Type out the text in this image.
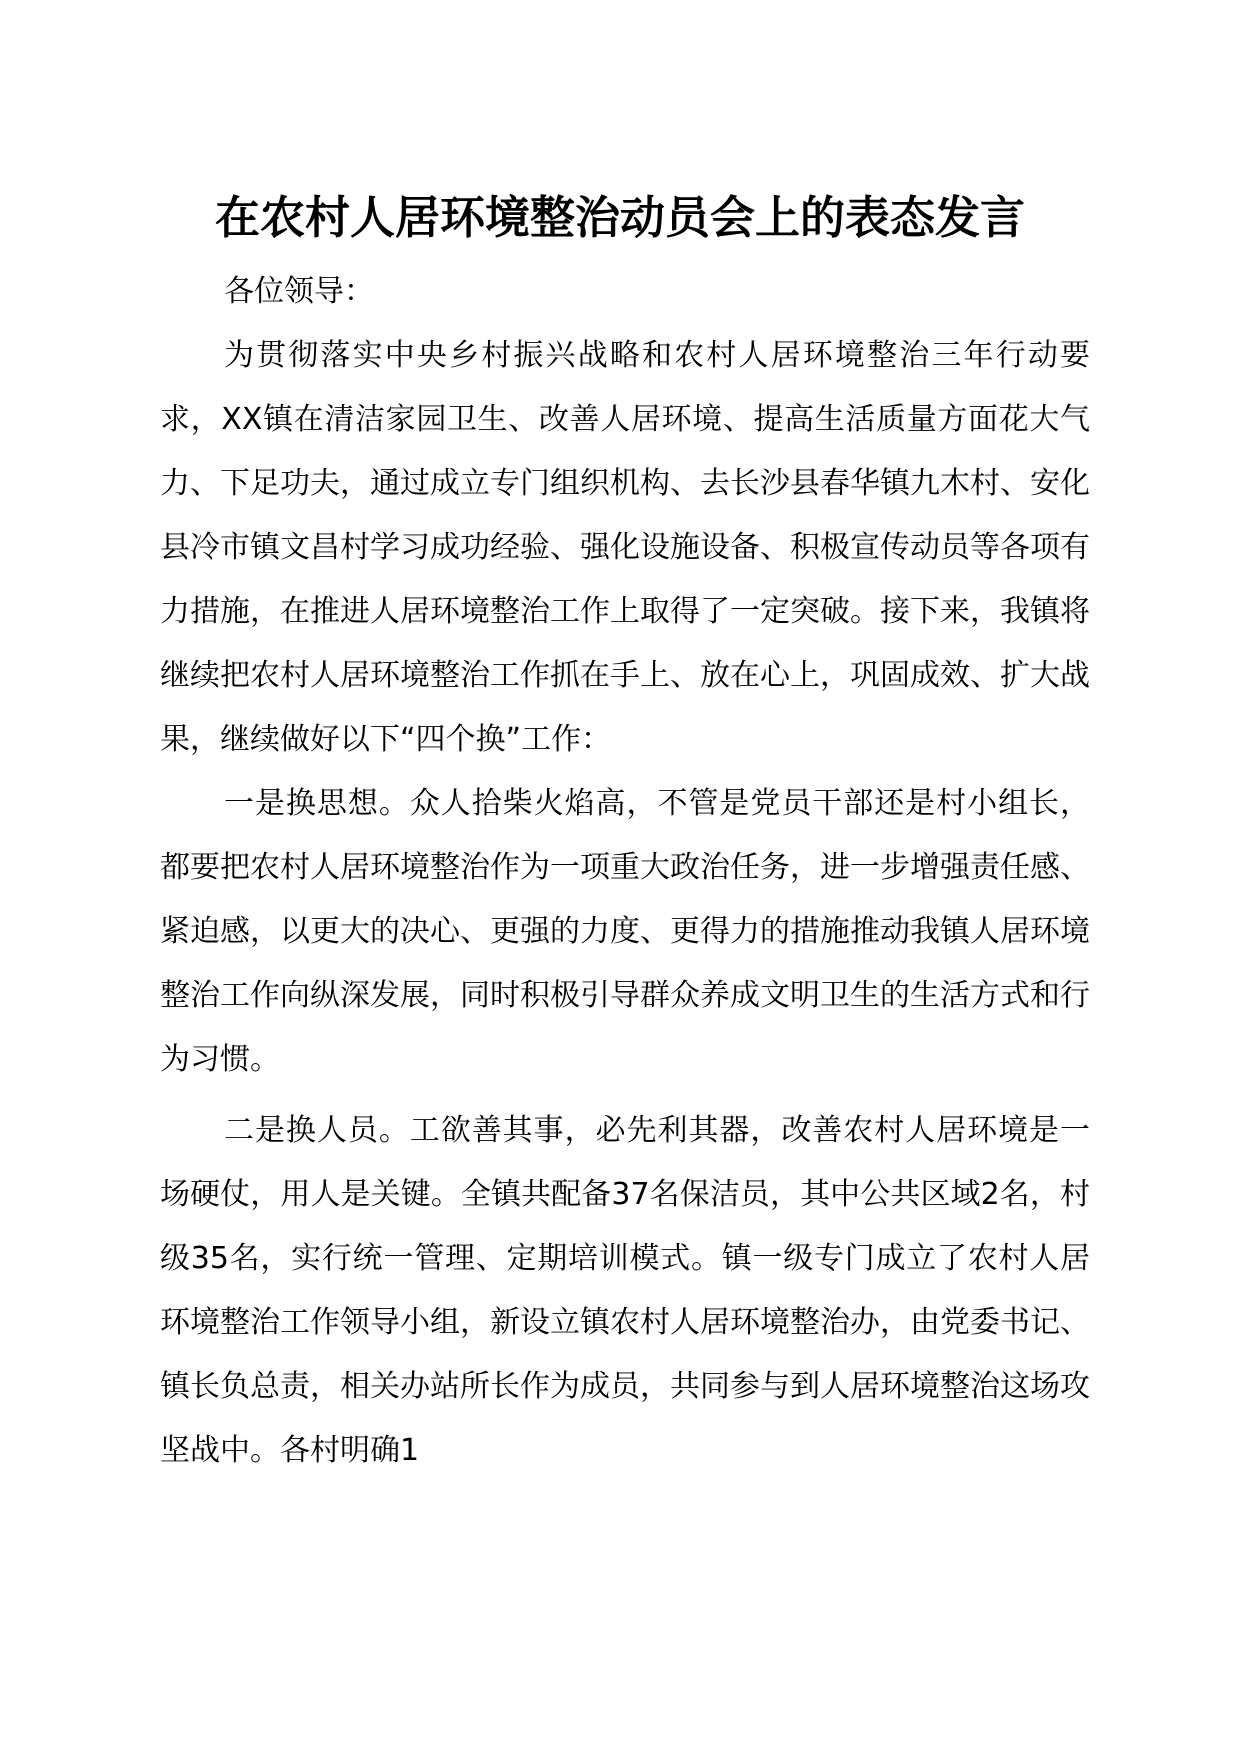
在农村人居环境整治动员会上的表态发言

各位领导：

为贯彻落实中央乡村振兴战略和农村人居环境整治三年行动要求，XX镇在清洁家园卫生、改善人居环境、提高生活质量方面花大气力、下足功夫，通过成立专门组织机构、去长沙县春华镇九木村、安化县冷市镇文昌村学习成功经验、强化设施设备、积极宣传动员等各项有力措施，在推进人居环境整治工作上取得了一定突破。接下来，我镇将继续把农村人居环境整治工作抓在手上、放在心上，巩固成效、扩大战果，继续做好以下“四个换”工作：

一是换思想。众人拾柴火焰高，不管是党员干部还是村小组长，都要把农村人居环境整治作为一项重大政治任务，进一步增强责任感、紧迫感，以更大的决心、更强的力度、更得力的措施推动我镇人居环境整治工作向纵深发展，同时积极引导群众养成文明卫生的生活方式和行为习惯。

二是换人员。工欲善其事，必先利其器，改善农村人居环境是一场硬仗，用人是关键。全镇共配备37名保洁员，其中公共区域2名，村级35名，实行统一管理、定期培训模式。镇一级专门成立了农村人居环境整治工作领导小组，新设立镇农村人居环境整治办，由党委书记、镇长负总责，相关办站所长作为成员，共同参与到人居环境整治这场攻坚战中。各村明确1
